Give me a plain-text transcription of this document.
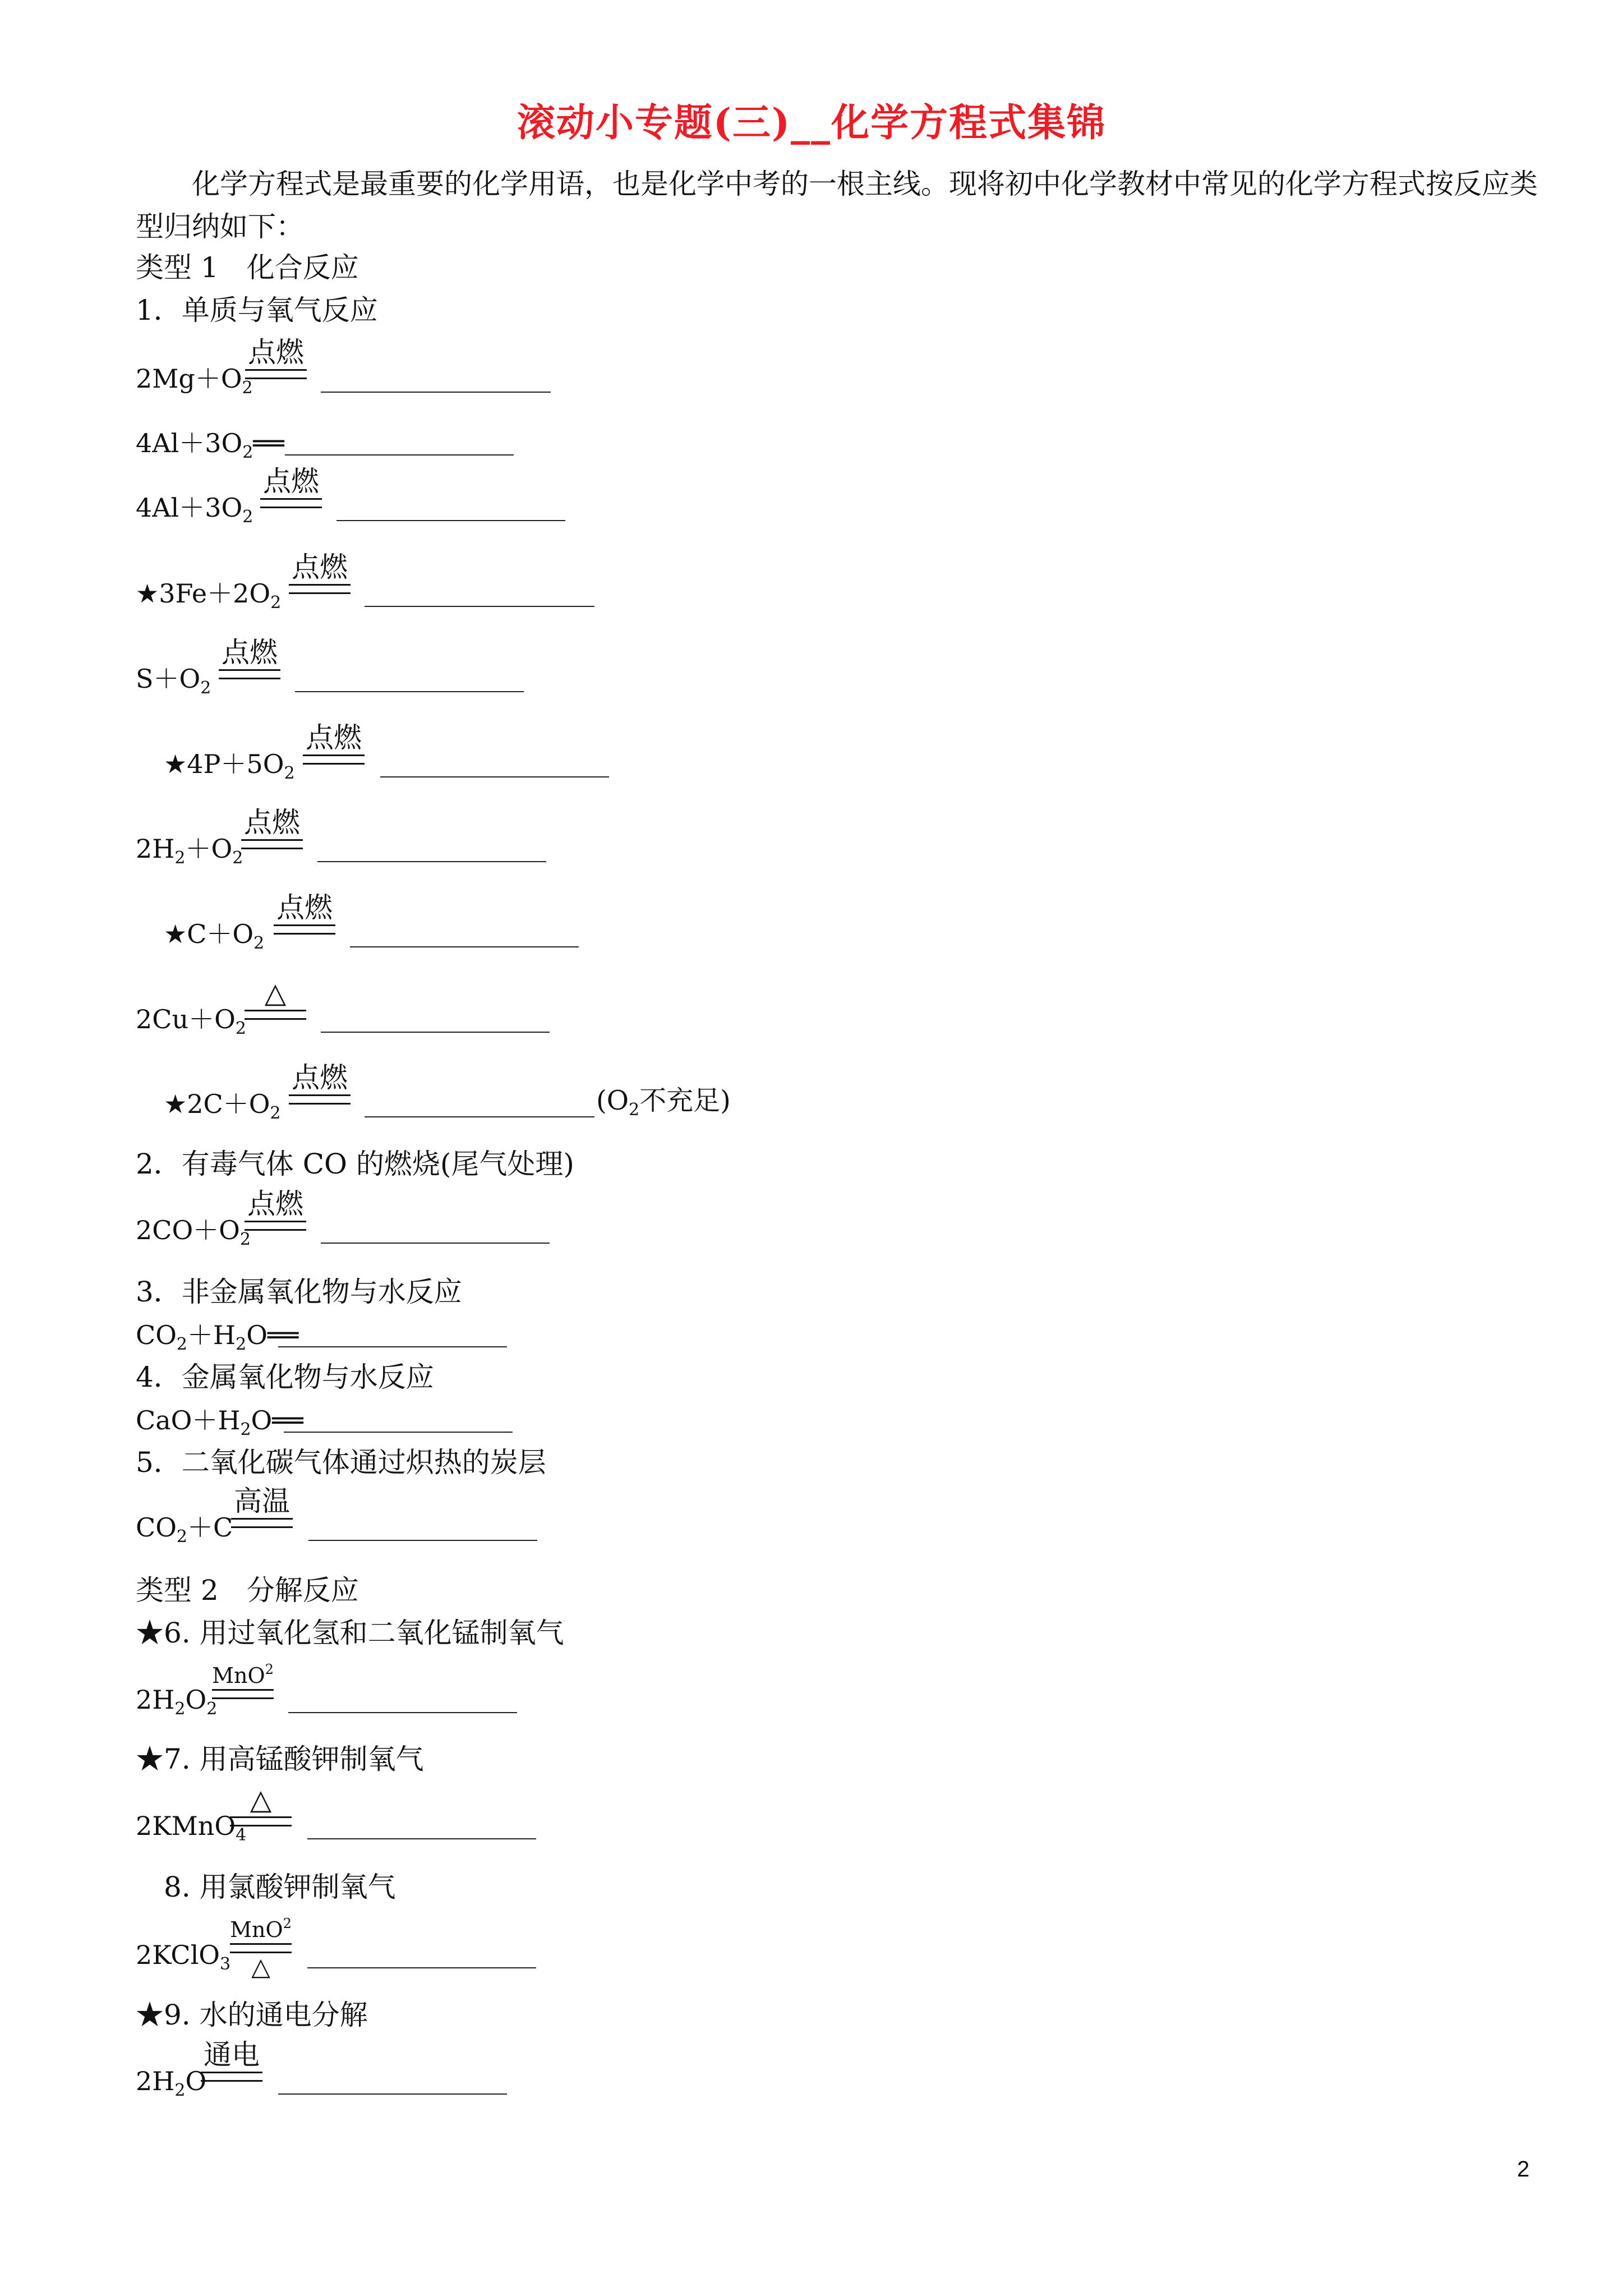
滚动小专题(三)__化学方程式集锦
化学方程式是最重要的化学用语，也是化学中考的一根主线。现将初中化学教材中常见的化学方程式按反应类型归纳如下：
类型 1　化合反应
1．单质与氧气反应
$2Mg+O_2$
点燃
$4Al+3O_2══$
$4Al+3O_2$
点燃
$★3Fe+2O_2$
点燃
$S+O_2$
点燃
$★4P+5O_2$
点燃
$2H_2+O_2$
点燃
$★C+O_2$
点燃
$2Cu+O_2$
△
$★2C+O_2$
点燃
($O_2$不充足)
2．有毒气体 CO 的燃烧(尾气处理)
$2CO+O_2$
点燃
3．非金属氧化物与水反应
$CO_2+H_2O══$
4．金属氧化物与水反应
$CaO+H_2O══$
5．二氧化碳气体通过炽热的炭层
$CO_2+C$
高温
类型 2　分解反应
★6. 用过氧化氢和二氧化锰制氧气
$2H_2O_2$
MnO$^2$
★7. 用高锰酸钾制氧气
2KMnO$_4$
△
8. 用氯酸钾制氧气
2KClO$_3$
MnO$^2$
△
★9. 水的通电分解
$2H_2O$
通电
2
